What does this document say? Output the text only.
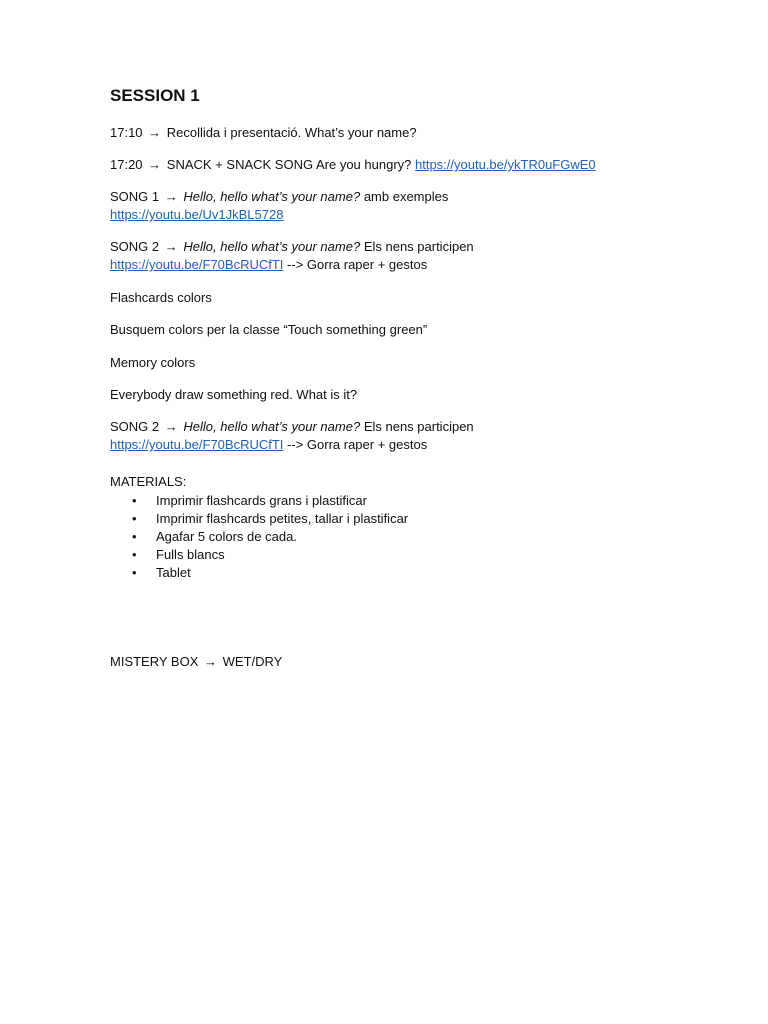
SESSION 1
17:10 → Recollida i presentació. What’s your name?
17:20 → SNACK + SNACK SONG Are you hungry? https://youtu.be/ykTR0uFGwE0
SONG 1 → Hello, hello what’s your name? amb exemples
https://youtu.be/Uv1JkBL5728
SONG 2 → Hello, hello what’s your name? Els nens participen
https://youtu.be/F70BcRUCfTI --> Gorra raper + gestos
Flashcards colors
Busquem colors per la classe “Touch something green”
Memory colors
Everybody draw something red. What is it?
SONG 2 → Hello, hello what’s your name? Els nens participen
https://youtu.be/F70BcRUCfTI --> Gorra raper + gestos
MATERIALS:
• Imprimir flashcards grans i plastificar
• Imprimir flashcards petites, tallar i plastificar
• Agafar 5 colors de cada.
• Fulls blancs
• Tablet
MISTERY BOX → WET/DRY
